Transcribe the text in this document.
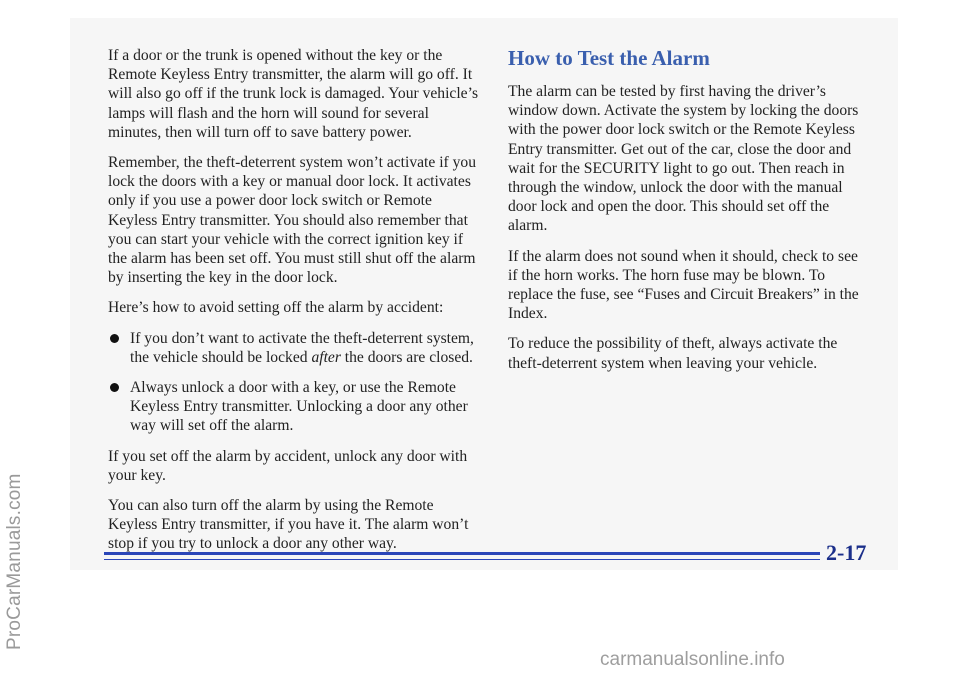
If a door or the trunk is opened without the key or the Remote Keyless Entry transmitter, the alarm will go off. It will also go off if the trunk lock is damaged. Your vehicle’s lamps will flash and the horn will sound for several minutes, then will turn off to save battery power.

Remember, the theft-deterrent system won’t activate if you lock the doors with a key or manual door lock. It activates only if you use a power door lock switch or Remote Keyless Entry transmitter. You should also remember that you can start your vehicle with the correct ignition key if the alarm has been set off. You must still shut off the alarm by inserting the key in the door lock.

Here’s how to avoid setting off the alarm by accident:

If you don’t want to activate the theft-deterrent system, the vehicle should be locked after the doors are closed.
Always unlock a door with a key, or use the Remote Keyless Entry transmitter. Unlocking a door any other way will set off the alarm.

If you set off the alarm by accident, unlock any door with your key.

You can also turn off the alarm by using the Remote Keyless Entry transmitter, if you have it. The alarm won’t stop if you try to unlock a door any other way.

How to Test the Alarm

The alarm can be tested by first having the driver’s window down. Activate the system by locking the doors with the power door lock switch or the Remote Keyless Entry transmitter. Get out of the car, close the door and wait for the SECURITY light to go out. Then reach in through the window, unlock the door with the manual door lock and open the door. This should set off the alarm.

If the alarm does not sound when it should, check to see if the horn works. The horn fuse may be blown. To replace the fuse, see “Fuses and Circuit Breakers” in the Index.

To reduce the possibility of theft, always activate the theft-deterrent system when leaving your vehicle.

2-17
ProCarManuals.com
carmanualsonline.info
